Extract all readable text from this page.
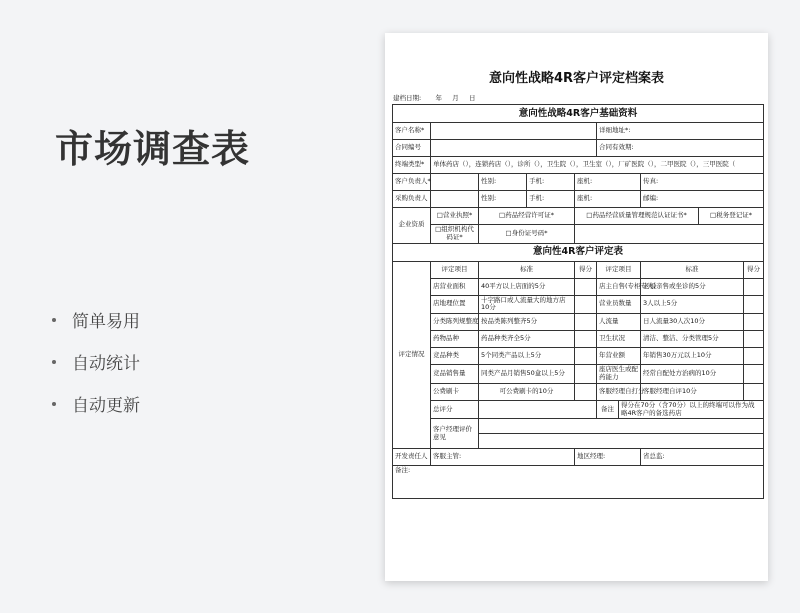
市场调查表
简单易用
自动统计
自动更新
意向性战略4R客户评定档案表
建档日期: 年 月 日
意向性战略4R客户基础资料									
客户名称*					详细地址*:				
合同编号					合同有效期:				
终端类型*	单体药店（），连锁药店（），诊所（），卫生院（），卫生室（），厂矿医院（），二甲医院（），三甲医院（								
客户负责人*		性别:	手机:	座机:			传真:		
采购负责人		性别:	手机:	座机:			邮编:		
企业资质	□营业执照*	□药品经营许可证*		□药品经营质量管理规范认证证书*				□税务登记证*	
	□组织机构代码证*	□身份证号码*							
意向性4R客户评定表									
评定情况	评定项目	标准		得分	评定项目		标准		得分
	店营业面积	40平方以上店面的5分			店主自售(专柜专人)		老板亲售或坐诊的5分		
	店地理位置	十字路口或人流量大的地方店10分			营业员数量		3人以上5分		
	分类陈列规整度	按品类陈列整齐5分			人流量		日人流量30人次10分		
	药物品种	药品种类齐全5分			卫生状况		清洁、整洁、分类管理5分		
	竞品种类	5个同类产品以上5分			年营业额		年销售30万元以上10分		
	竞品销售量	同类产品月销售50盒以上5分			座店医生或配药能力		经常自配处方治病的10分		
	公费刷卡	可公费刷卡的10分			客服经理自打分		客服经理自评10分		
	总评分				备注	得分在70分（含70分）以上的终端可以作为战略4R客户的备选药店			
	客户经理评价意见								

开发责任人	客服主管:			地区经理:			省总监:		
备注:									
